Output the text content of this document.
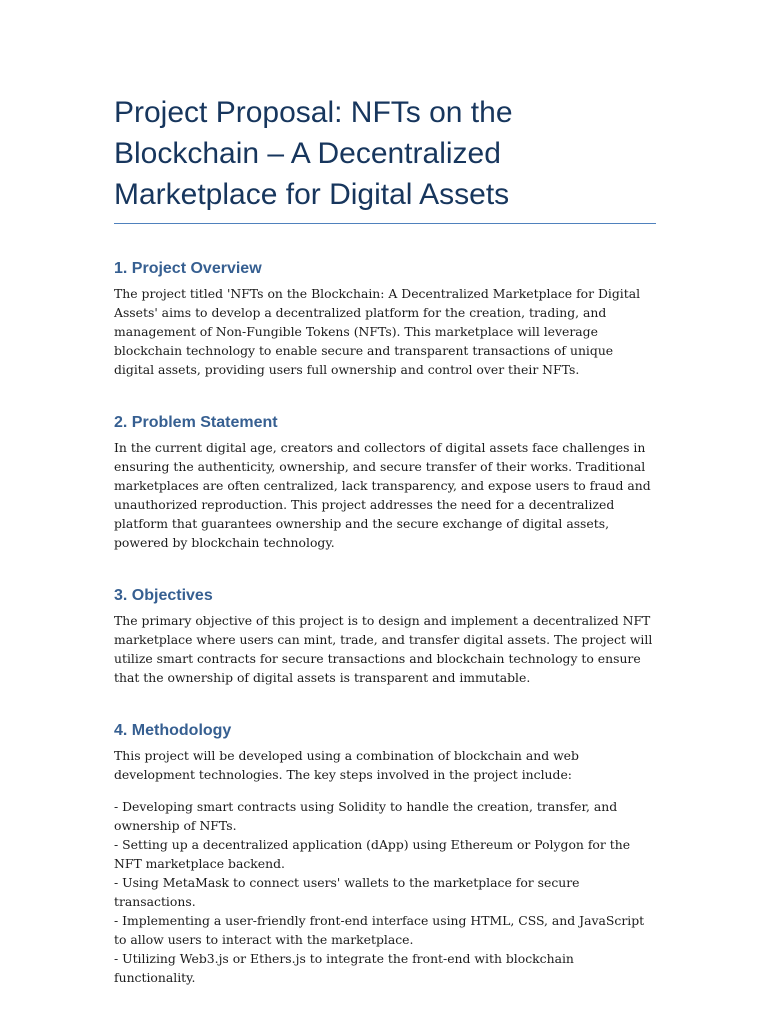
Project Proposal: NFTs on the Blockchain – A Decentralized Marketplace for Digital Assets
1. Project Overview

The project titled 'NFTs on the Blockchain: A Decentralized Marketplace for Digital Assets' aims to develop a decentralized platform for the creation, trading, and management of Non-Fungible Tokens (NFTs). This marketplace will leverage blockchain technology to enable secure and transparent transactions of unique digital assets, providing users full ownership and control over their NFTs.

2. Problem Statement

In the current digital age, creators and collectors of digital assets face challenges in ensuring the authenticity, ownership, and secure transfer of their works. Traditional marketplaces are often centralized, lack transparency, and expose users to fraud and unauthorized reproduction. This project addresses the need for a decentralized platform that guarantees ownership and the secure exchange of digital assets, powered by blockchain technology.

3. Objectives

The primary objective of this project is to design and implement a decentralized NFT marketplace where users can mint, trade, and transfer digital assets. The project will utilize smart contracts for secure transactions and blockchain technology to ensure that the ownership of digital assets is transparent and immutable.

4. Methodology

This project will be developed using a combination of blockchain and web development technologies. The key steps involved in the project include:

- Developing smart contracts using Solidity to handle the creation, transfer, and ownership of NFTs.
- Setting up a decentralized application (dApp) using Ethereum or Polygon for the NFT marketplace backend.
- Using MetaMask to connect users' wallets to the marketplace for secure transactions.
- Implementing a user-friendly front-end interface using HTML, CSS, and JavaScript to allow users to interact with the marketplace.
- Utilizing Web3.js or Ethers.js to integrate the front-end with blockchain functionality.
